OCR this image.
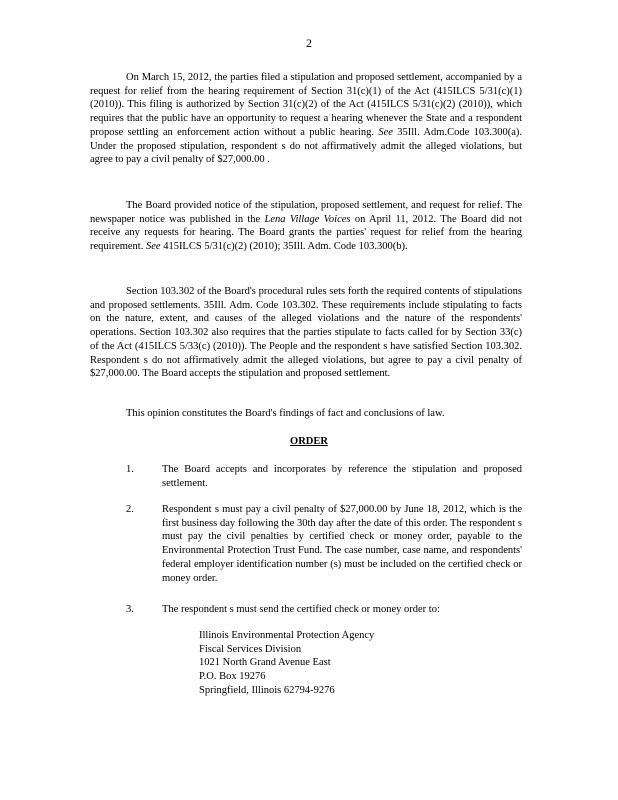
2

On March 15, 2012, the parties filed a stipulation and proposed settlement, accompanied by a request for relief from the hearing requirement of Section 31(c)(1) of the Act (415ILCS 5/31(c)(1) (2010)). This filing is authorized by Section 31(c)(2) of the Act (415ILCS 5/31(c)(2) (2010)), which requires that the public have an opportunity to request a hearing whenever the State and a respondent propose settling an enforcement action without a public hearing. See 35Ill. Adm.Code 103.300(a). Under the proposed stipulation, respondent s do not affirmatively admit the alleged violations, but agree to pay a civil penalty of $27,000.00 .

The Board provided notice of the stipulation, proposed settlement, and request for relief. The newspaper notice was published in the Lena Village Voices on April 11, 2012. The Board did not receive any requests for hearing. The Board grants the parties' request for relief from the hearing requirement. See 415ILCS 5/31(c)(2) (2010); 35Ill. Adm. Code 103.300(b).

Section 103.302 of the Board's procedural rules sets forth the required contents of stipulations and proposed settlements. 35Ill. Adm. Code 103.302. These requirements include stipulating to facts on the nature, extent, and causes of the alleged violations and the nature of the respondents' operations. Section 103.302 also requires that the parties stipulate to facts called for by Section 33(c) of the Act (415ILCS 5/33(c) (2010)). The People and the respondent s have satisfied Section 103.302. Respondent s do not affirmatively admit the alleged violations, but agree to pay a civil penalty of $27,000.00. The Board accepts the stipulation and proposed settlement.

This opinion constitutes the Board's findings of fact and conclusions of law.

ORDER
1.	The Board accepts and incorporates by reference the stipulation and proposed settlement.
2.	Respondent s must pay a civil penalty of $27,000.00 by June 18, 2012, which is the first business day following the 30th day after the date of this order. The respondent s must pay the civil penalties by certified check or money order, payable to the Environmental Protection Trust Fund. The case number, case name, and respondents' federal employer identification number (s) must be included on the certified check or money order.
3.	The respondent s must send the certified check or money order to:
Illinois Environmental Protection Agency
Fiscal Services Division
1021 North Grand Avenue East
P.O. Box 19276
Springfield, Illinois 62794-9276
